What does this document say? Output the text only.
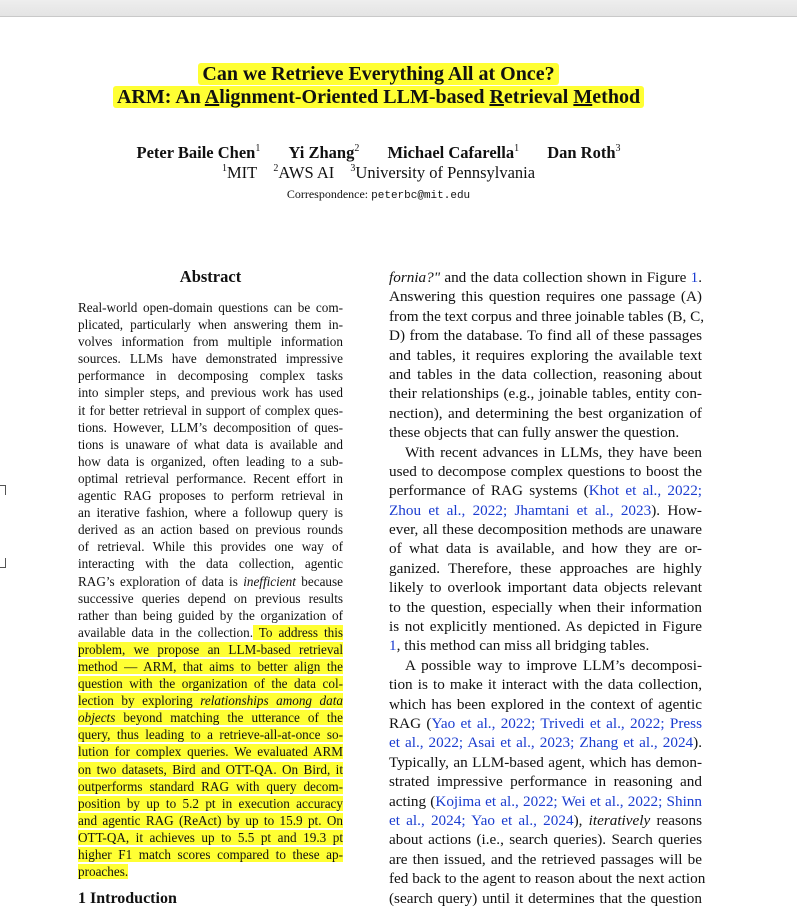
Can we Retrieve Everything All at Once?
ARM: An Alignment-Oriented LLM-based Retrieval Method
Peter Baile Chen$^1$ Yi Zhang$^2$ Michael Cafarella$^1$ Dan Roth$^3$
$^1$MIT $^2$AWS AI $^3$University of Pennsylvania
Correspondence: peterbc@mit.edu
Abstract
Real-world open-domain questions can be com-
plicated, particularly when answering them in-
volves information from multiple information
sources. LLMs have demonstrated impressive
performance in decomposing complex tasks
into simpler steps, and previous work has used
it for better retrieval in support of complex ques-
tions. However, LLM’s decomposition of ques-
tions is unaware of what data is available and
how data is organized, often leading to a sub-
optimal retrieval performance. Recent effort in
agentic RAG proposes to perform retrieval in
an iterative fashion, where a followup query is
derived as an action based on previous rounds
of retrieval. While this provides one way of
interacting with the data collection, agentic
RAG’s exploration of data is inefficient because
successive queries depend on previous results
rather than being guided by the organization of
available data in the collection. To address this
problem, we propose an LLM-based retrieval
method — ARM, that aims to better align the
question with the organization of the data col-
lection by exploring relationships among data
objects beyond matching the utterance of the
query, thus leading to a retrieve-all-at-once so-
lution for complex queries. We evaluated ARM
on two datasets, Bird and OTT-QA. On Bird, it
outperforms standard RAG with query decom-
position by up to 5.2 pt in execution accuracy
and agentic RAG (ReAct) by up to 15.9 pt. On
OTT-QA, it achieves up to 5.5 pt and 19.3 pt
higher F1 match scores compared to these ap-
proaches.
fornia?" and the data collection shown in Figure 1.
Answering this question requires one passage (A)
from the text corpus and three joinable tables (B, C,
D) from the database. To find all of these passages
and tables, it requires exploring the available text
and tables in the data collection, reasoning about
their relationships (e.g., joinable tables, entity con-
nection), and determining the best organization of
these objects that can fully answer the question.
With recent advances in LLMs, they have been
used to decompose complex questions to boost the
performance of RAG systems (Khot et al., 2022;
Zhou et al., 2022; Jhamtani et al., 2023). How-
ever, all these decomposition methods are unaware
of what data is available, and how they are or-
ganized. Therefore, these approaches are highly
likely to overlook important data objects relevant
to the question, especially when their information
is not explicitly mentioned. As depicted in Figure
1, this method can miss all bridging tables.
A possible way to improve LLM’s decomposi-
tion is to make it interact with the data collection,
which has been explored in the context of agentic
RAG (Yao et al., 2022; Trivedi et al., 2022; Press
et al., 2022; Asai et al., 2023; Zhang et al., 2024).
Typically, an LLM-based agent, which has demon-
strated impressive performance in reasoning and
acting (Kojima et al., 2022; Wei et al., 2022; Shinn
et al., 2024; Yao et al., 2024), iteratively reasons
about actions (i.e., search queries). Search queries
are then issued, and the retrieved passages will be
fed back to the agent to reason about the next action
(search query) until it determines that the question
1 Introduction
